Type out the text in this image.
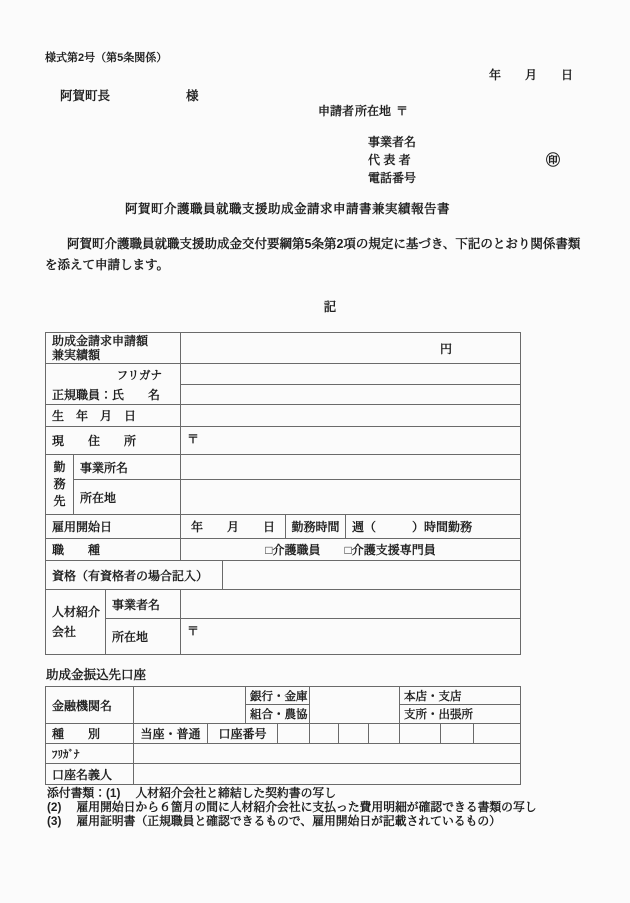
様式第2号（第5条関係）
年　　月　　日
阿賀町長	様
申請者 所在地 〒
事業者名
代 表 者	㊞
電話番号
阿賀町介護職員就職支援助成金請求申請書兼実績報告書
阿賀町介護職員就職支援助成金交付要綱第5条第2項の規定に基づき、下記のとおり関係書類を添えて申請します。
記
助成金請求申請額
兼実績額			円			

フリガナ
正規職員：氏　　名						

生　年　月　日						
現　　住　　所			〒			

勤務先	事業所名					
	所在地					
雇用開始日			年　　月　　日		勤務時間	週（　　　）時間勤務
職　　種			□介護職員　　□介護支援専門員			
資格（有資格者の場合記入）						

人材紹介会社		事業者名				
		所在地	〒			
助成金振込先口座
金融機関名			銀行・金庫					本店・支店		
			組合・農協					支所・出張所		
種　　別	当座・普通	口座番号								
ﾌﾘｶﾞﾅ										
口座名義人										
添付書類：(1)　 人材紹介会社と締結した契約書の写し
(2)　 雇用開始日から６箇月の間に人材紹介会社に支払った費用明細が確認できる書類の写し
(3)　 雇用証明書（正規職員と確認できるもので、雇用開始日が記載されているもの）
